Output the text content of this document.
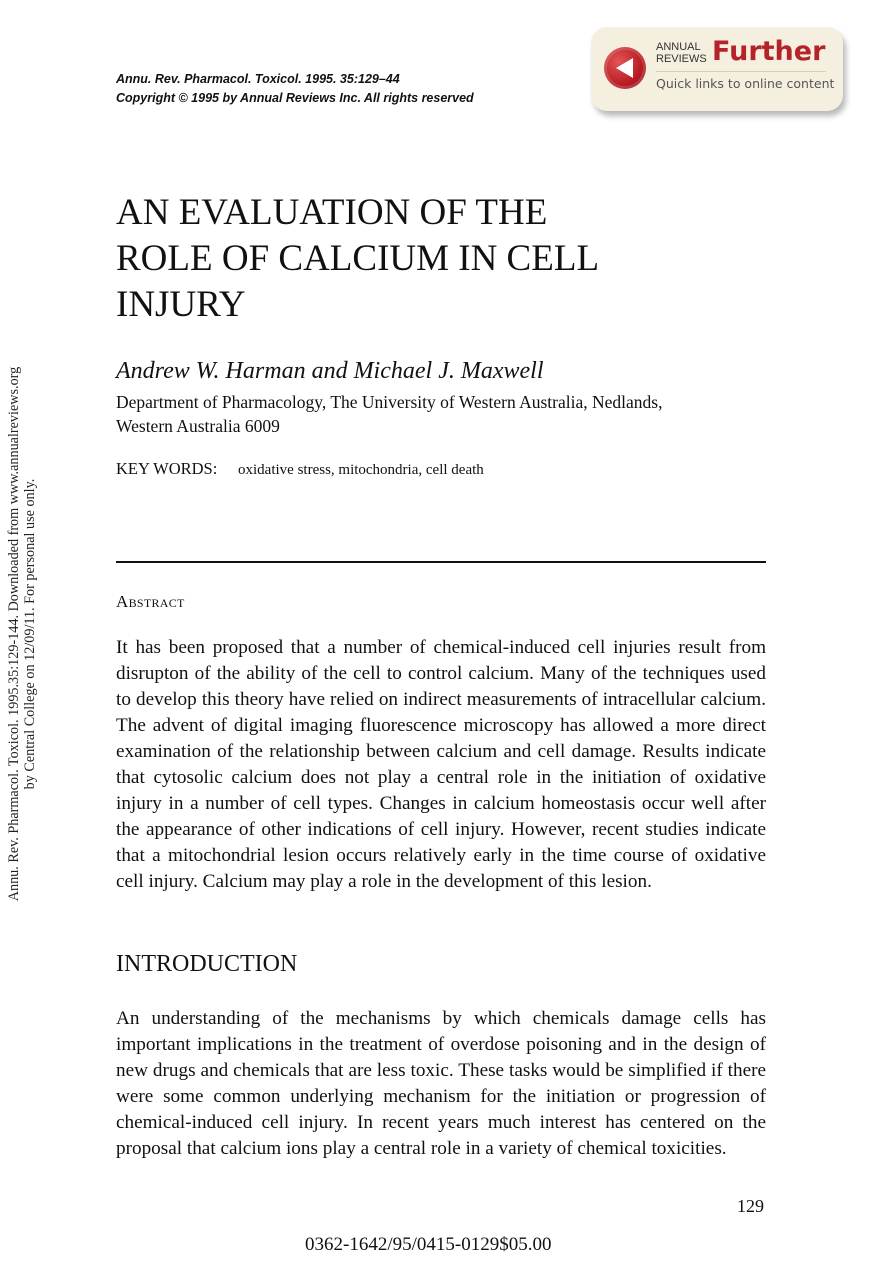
Annu. Rev. Pharmacol. Toxicol. 1995. 35:129–44
Copyright © 1995 by Annual Reviews Inc. All rights reserved
ANNUAL
REVIEWS Further
Quick links to online content
Annu. Rev. Pharmacol. Toxicol. 1995.35:129-144. Downloaded from www.annualreviews.org by Central College on 12/09/11. For personal use only.
AN EVALUATION OF THE
ROLE OF CALCIUM IN CELL
INJURY
Andrew W. Harman and Michael J. Maxwell
Department of Pharmacology, The University of Western Australia, Nedlands,
Western Australia 6009
KEY WORDS: oxidative stress, mitochondria, cell death
Abstract

It has been proposed that a number of chemical-induced cell injuries result from disrupton of the ability of the cell to control calcium. Many of the techniques used to develop this theory have relied on indirect measurements of intracellular calcium. The advent of digital imaging fluorescence microscopy has allowed a more direct examination of the relationship between calcium and cell damage. Results indicate that cytosolic calcium does not play a central role in the initiation of oxidative injury in a number of cell types. Changes in calcium homeostasis occur well after the appearance of other indications of cell injury. However, recent studies indicate that a mitochondrial lesion occurs relatively early in the time course of oxidative cell injury. Calcium may play a role in the development of this lesion.

INTRODUCTION

An understanding of the mechanisms by which chemicals damage cells has important implications in the treatment of overdose poisoning and in the design of new drugs and chemicals that are less toxic. These tasks would be simplified if there were some common underlying mechanism for the initiation or progression of chemical-induced cell injury. In recent years much interest has centered on the proposal that calcium ions play a central role in a variety of chemical toxicities.

129
0362-1642/95/0415-0129$05.00
